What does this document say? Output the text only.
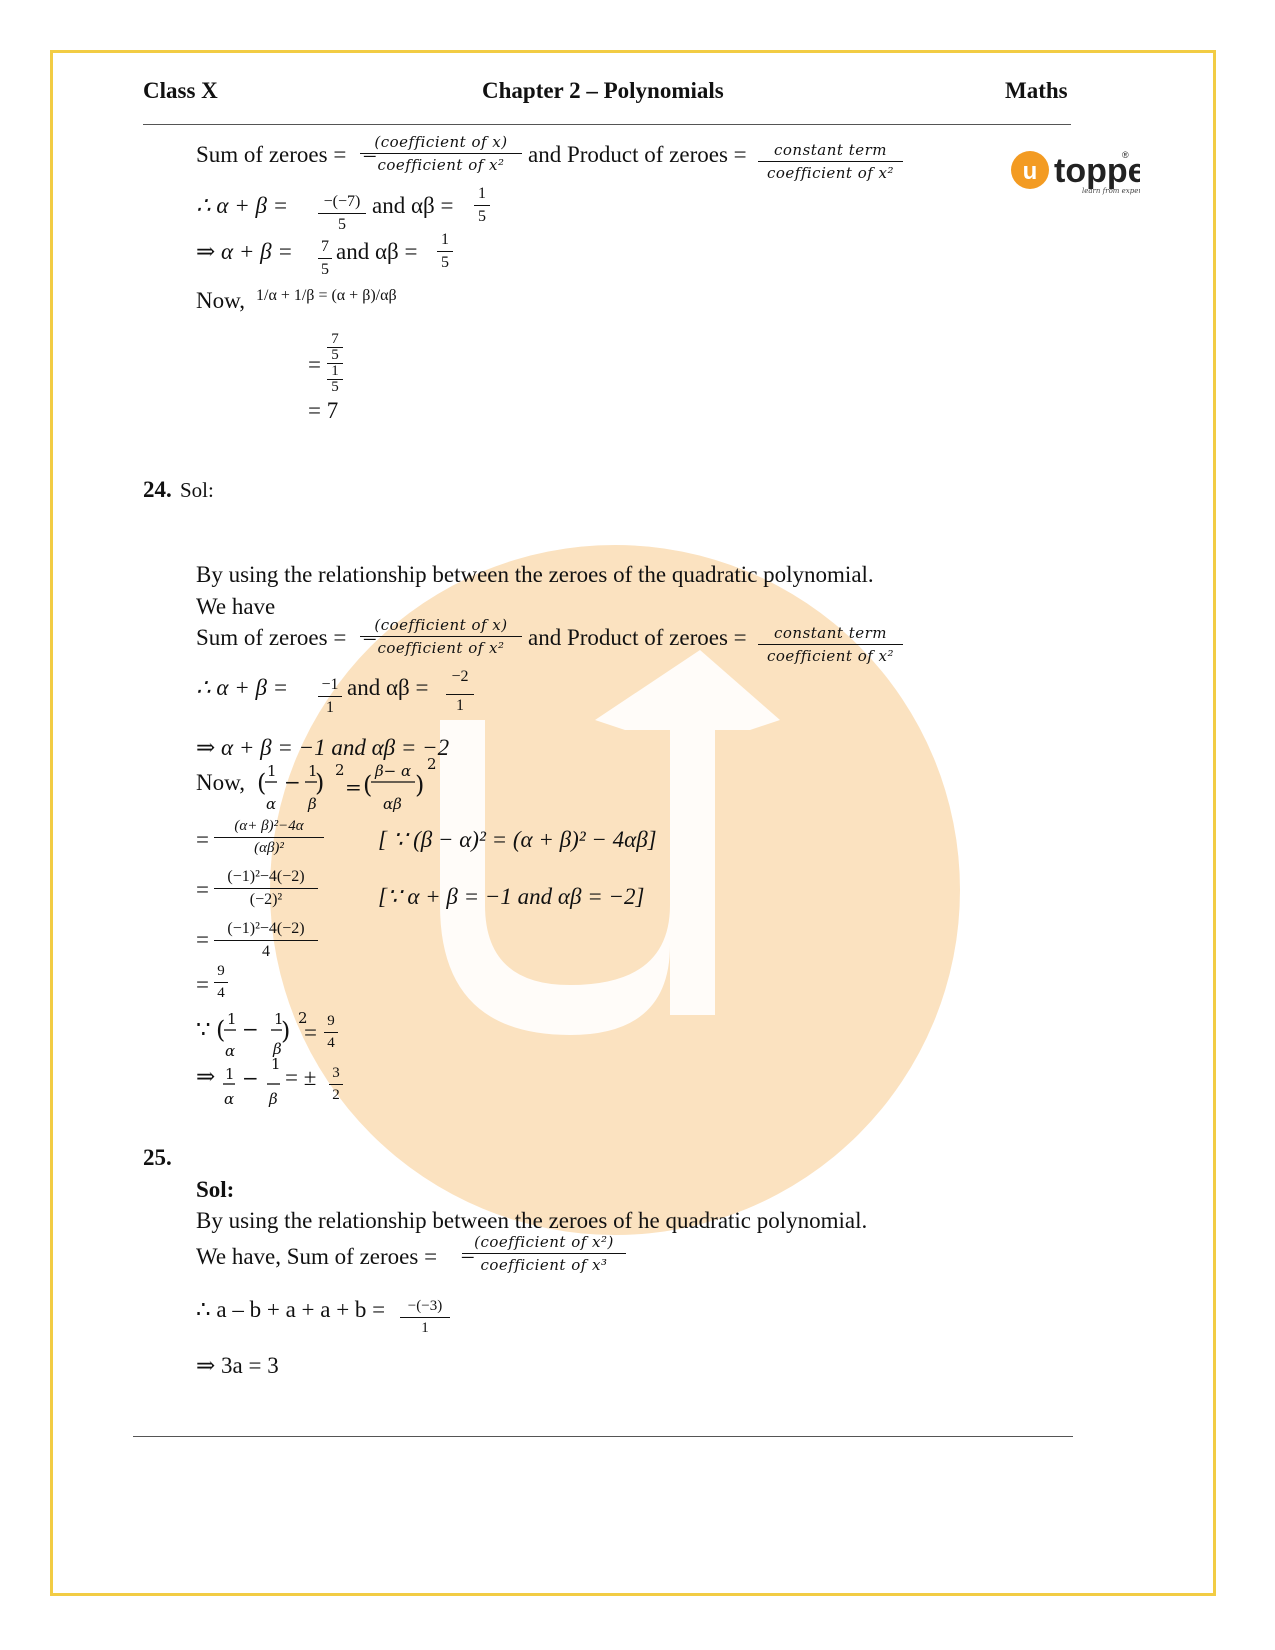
Class X	Chapter 2 – Polynomials	Maths
u toppe
®
learn from expe
Sum of zeroes = –
(coefficient of x)
coefficient of x²	and Product of zeroes =	constant term
coefficient of x²
∴ α + β =	−(−7)
5
and αβ = 1
5
⇒ α + β = 7
5
and αβ = 1
5
Now, 1/α + 1/β = (α + β)/αβ
=
7
5
1
5
= 7
24. Sol:
By using the relationship between the zeroes of the quadratic polynomial.
We have
Sum of zeroes = –
(coefficient of x)
coefficient of x²	and Product of zeroes =	constant term
coefficient of x²
∴ α + β = −1
1
and αβ =	−2
1
⇒ α + β = −1 and αβ = −2
Now, ( 1
α
− 1
β
) 2
= ( β− α
αβ
)
2
=
(α+ β)²−4α
(αβ)²	[ ∵ (β − α)² = (α + β)² − 4αβ]
=
(−1)²−4(−2)
(−2)²	[∵ α + β = −1 and αβ = −2]
=	(−1)²−4(−2)
4
=
9
4
∵ ( 1
α
− 1
β
) 2
= 9
4
⇒ 1
α
−
1
β
= ± 3
2
25.
Sol:
By using the relationship between the zeroes of he quadratic polynomial.
We have, Sum of zeroes = –
(coefficient of x²)
coefficient of x³
∴ a – b + a + a + b =	−(−3)
1
⇒ 3a = 3
